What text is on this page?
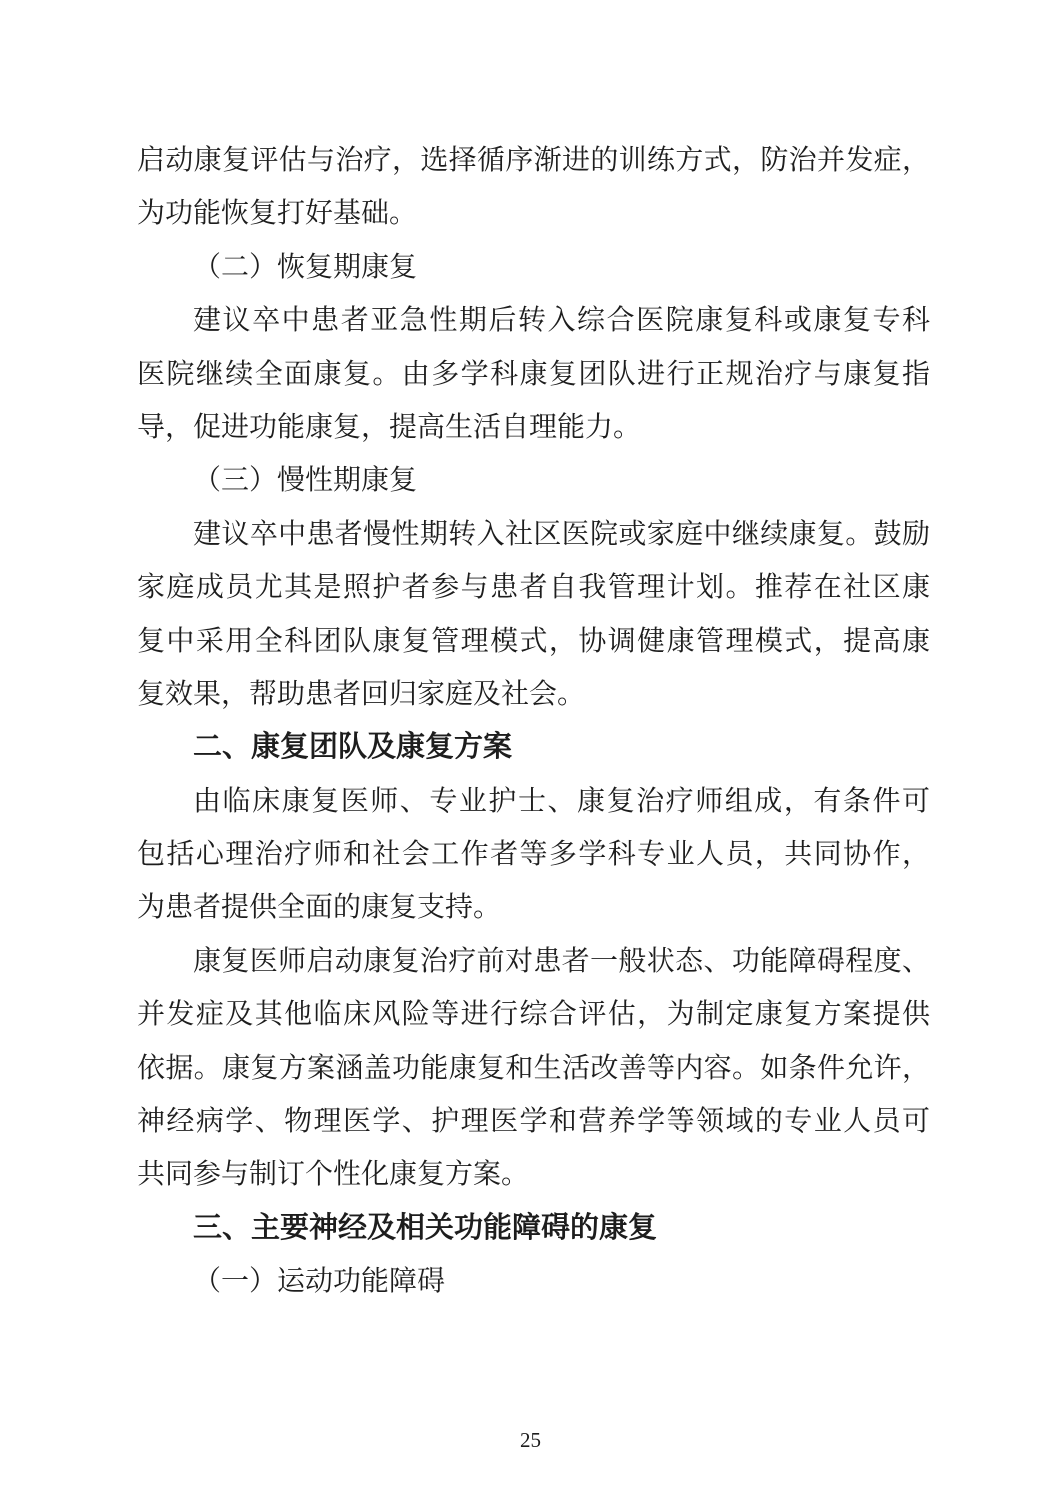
启动康复评估与治疗，选择循序渐进的训练方式，防治并发症，
为功能恢复打好基础。
（二）恢复期康复
建议卒中患者亚急性期后转入综合医院康复科或康复专科
医院继续全面康复。由多学科康复团队进行正规治疗与康复指
导，促进功能康复，提高生活自理能力。
（三）慢性期康复
建议卒中患者慢性期转入社区医院或家庭中继续康复。鼓励
家庭成员尤其是照护者参与患者自我管理计划。推荐在社区康
复中采用全科团队康复管理模式，协调健康管理模式，提高康
复效果，帮助患者回归家庭及社会。
二、康复团队及康复方案
由临床康复医师、专业护士、康复治疗师组成，有条件可
包括心理治疗师和社会工作者等多学科专业人员，共同协作，
为患者提供全面的康复支持。
康复医师启动康复治疗前对患者一般状态、功能障碍程度、
并发症及其他临床风险等进行综合评估，为制定康复方案提供
依据。康复方案涵盖功能康复和生活改善等内容。如条件允许，
神经病学、物理医学、护理医学和营养学等领域的专业人员可
共同参与制订个性化康复方案。
三、主要神经及相关功能障碍的康复
（一）运动功能障碍
25
